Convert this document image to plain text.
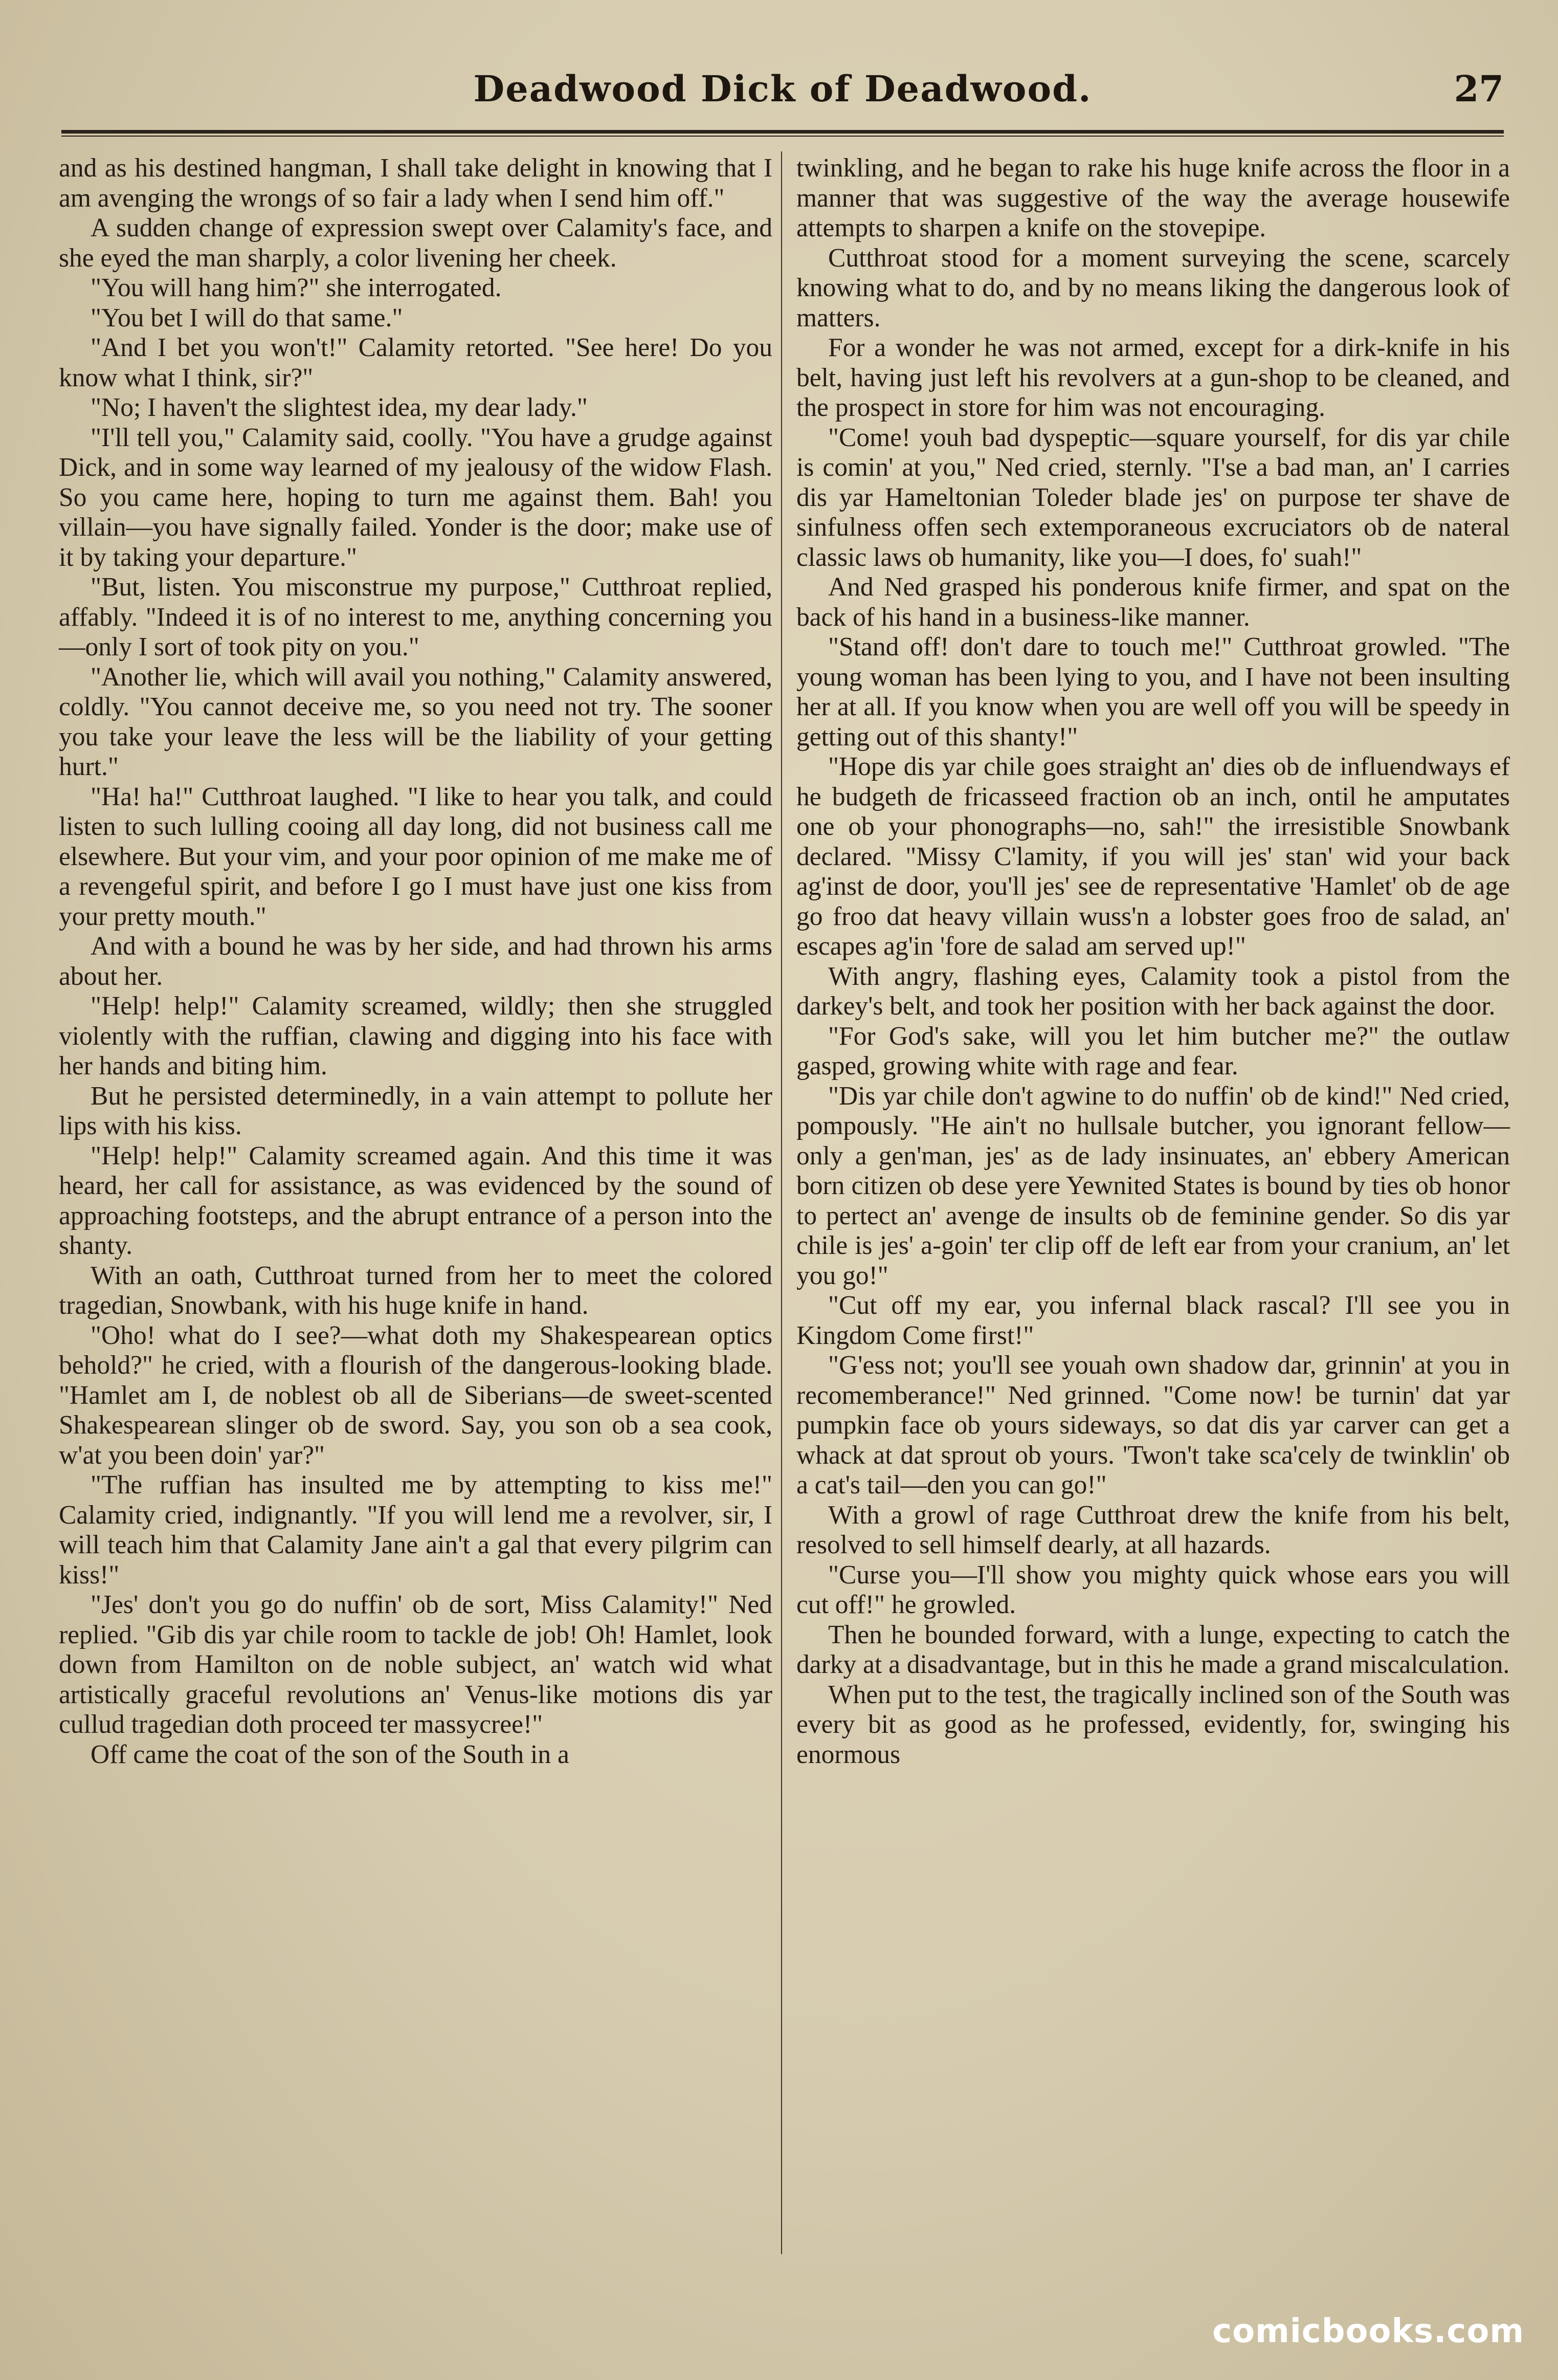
Deadwood Dick of Deadwood.	27

and as his destined hangman, I shall take delight in knowing that I am avenging the wrongs of so fair a lady when I send him off."

A sudden change of expression swept over Calamity's face, and she eyed the man sharply, a color livening her cheek.

"You will hang him?" she interrogated.

"You bet I will do that same."

"And I bet you won't!" Calamity retorted. "See here! Do you know what I think, sir?"

"No; I haven't the slightest idea, my dear lady."

"I'll tell you," Calamity said, coolly. "You have a grudge against Dick, and in some way learned of my jealousy of the widow Flash. So you came here, hoping to turn me against them. Bah! you villain—you have signally failed. Yonder is the door; make use of it by taking your departure."

"But, listen. You misconstrue my purpose," Cutthroat replied, affably. "Indeed it is of no interest to me, anything concerning you—only I sort of took pity on you."

"Another lie, which will avail you nothing," Calamity answered, coldly. "You cannot deceive me, so you need not try. The sooner you take your leave the less will be the liability of your getting hurt."

"Ha! ha!" Cutthroat laughed. "I like to hear you talk, and could listen to such lulling cooing all day long, did not business call me elsewhere. But your vim, and your poor opinion of me make me of a revengeful spirit, and before I go I must have just one kiss from your pretty mouth."

And with a bound he was by her side, and had thrown his arms about her.

"Help! help!" Calamity screamed, wildly; then she struggled violently with the ruffian, clawing and digging into his face with her hands and biting him.

But he persisted determinedly, in a vain attempt to pollute her lips with his kiss.

"Help! help!" Calamity screamed again. And this time it was heard, her call for assistance, as was evidenced by the sound of approaching footsteps, and the abrupt entrance of a person into the shanty.

With an oath, Cutthroat turned from her to meet the colored tragedian, Snowbank, with his huge knife in hand.

"Oho! what do I see?—what doth my Shakespearean optics behold?" he cried, with a flourish of the dangerous-looking blade. "Hamlet am I, de noblest ob all de Siberians—de sweet-scented Shakespearean slinger ob de sword. Say, you son ob a sea cook, w'at you been doin' yar?"

"The ruffian has insulted me by attempting to kiss me!" Calamity cried, indignantly. "If you will lend me a revolver, sir, I will teach him that Calamity Jane ain't a gal that every pilgrim can kiss!"

"Jes' don't you go do nuffin' ob de sort, Miss Calamity!" Ned replied. "Gib dis yar chile room to tackle de job! Oh! Hamlet, look down from Hamilton on de noble subject, an' watch wid what artistically graceful revolutions an' Venus-like motions dis yar cullud tragedian doth proceed ter massycree!"

Off came the coat of the son of the South in a

twinkling, and he began to rake his huge knife across the floor in a manner that was suggestive of the way the average housewife attempts to sharpen a knife on the stovepipe.

Cutthroat stood for a moment surveying the scene, scarcely knowing what to do, and by no means liking the dangerous look of matters.

For a wonder he was not armed, except for a dirk-knife in his belt, having just left his revolvers at a gun-shop to be cleaned, and the prospect in store for him was not encouraging.

"Come! youh bad dyspeptic—square yourself, for dis yar chile is comin' at you," Ned cried, sternly. "I'se a bad man, an' I carries dis yar Hameltonian Toleder blade jes' on purpose ter shave de sinfulness offen sech extemporaneous excruciators ob de nateral classic laws ob humanity, like you—I does, fo' suah!"

And Ned grasped his ponderous knife firmer, and spat on the back of his hand in a business-like manner.

"Stand off! don't dare to touch me!" Cutthroat growled. "The young woman has been lying to you, and I have not been insulting her at all. If you know when you are well off you will be speedy in getting out of this shanty!"

"Hope dis yar chile goes straight an' dies ob de influendways ef he budgeth de fricasseed fraction ob an inch, ontil he amputates one ob your phonographs—no, sah!" the irresistible Snowbank declared. "Missy C'lamity, if you will jes' stan' wid your back ag'inst de door, you'll jes' see de representative 'Hamlet' ob de age go froo dat heavy villain wuss'n a lobster goes froo de salad, an' escapes ag'in 'fore de salad am served up!"

With angry, flashing eyes, Calamity took a pistol from the darkey's belt, and took her position with her back against the door.

"For God's sake, will you let him butcher me?" the outlaw gasped, growing white with rage and fear.

"Dis yar chile don't agwine to do nuffin' ob de kind!" Ned cried, pompously. "He ain't no hullsale butcher, you ignorant fellow—only a gen'man, jes' as de lady insinuates, an' ebbery American born citizen ob dese yere Yewnited States is bound by ties ob honor to pertect an' avenge de insults ob de feminine gender. So dis yar chile is jes' a-goin' ter clip off de left ear from your cranium, an' let you go!"

"Cut off my ear, you infernal black rascal? I'll see you in Kingdom Come first!"

"G'ess not; you'll see youah own shadow dar, grinnin' at you in recomemberance!" Ned grinned. "Come now! be turnin' dat yar pumpkin face ob yours sideways, so dat dis yar carver can get a whack at dat sprout ob yours. 'Twon't take sca'cely de twinklin' ob a cat's tail—den you can go!"

With a growl of rage Cutthroat drew the knife from his belt, resolved to sell himself dearly, at all hazards.

"Curse you—I'll show you mighty quick whose ears you will cut off!" he growled.

Then he bounded forward, with a lunge, expecting to catch the darky at a disadvantage, but in this he made a grand miscalculation.

When put to the test, the tragically inclined son of the South was every bit as good as he professed, evidently, for, swinging his enormous

comicbooks.com
